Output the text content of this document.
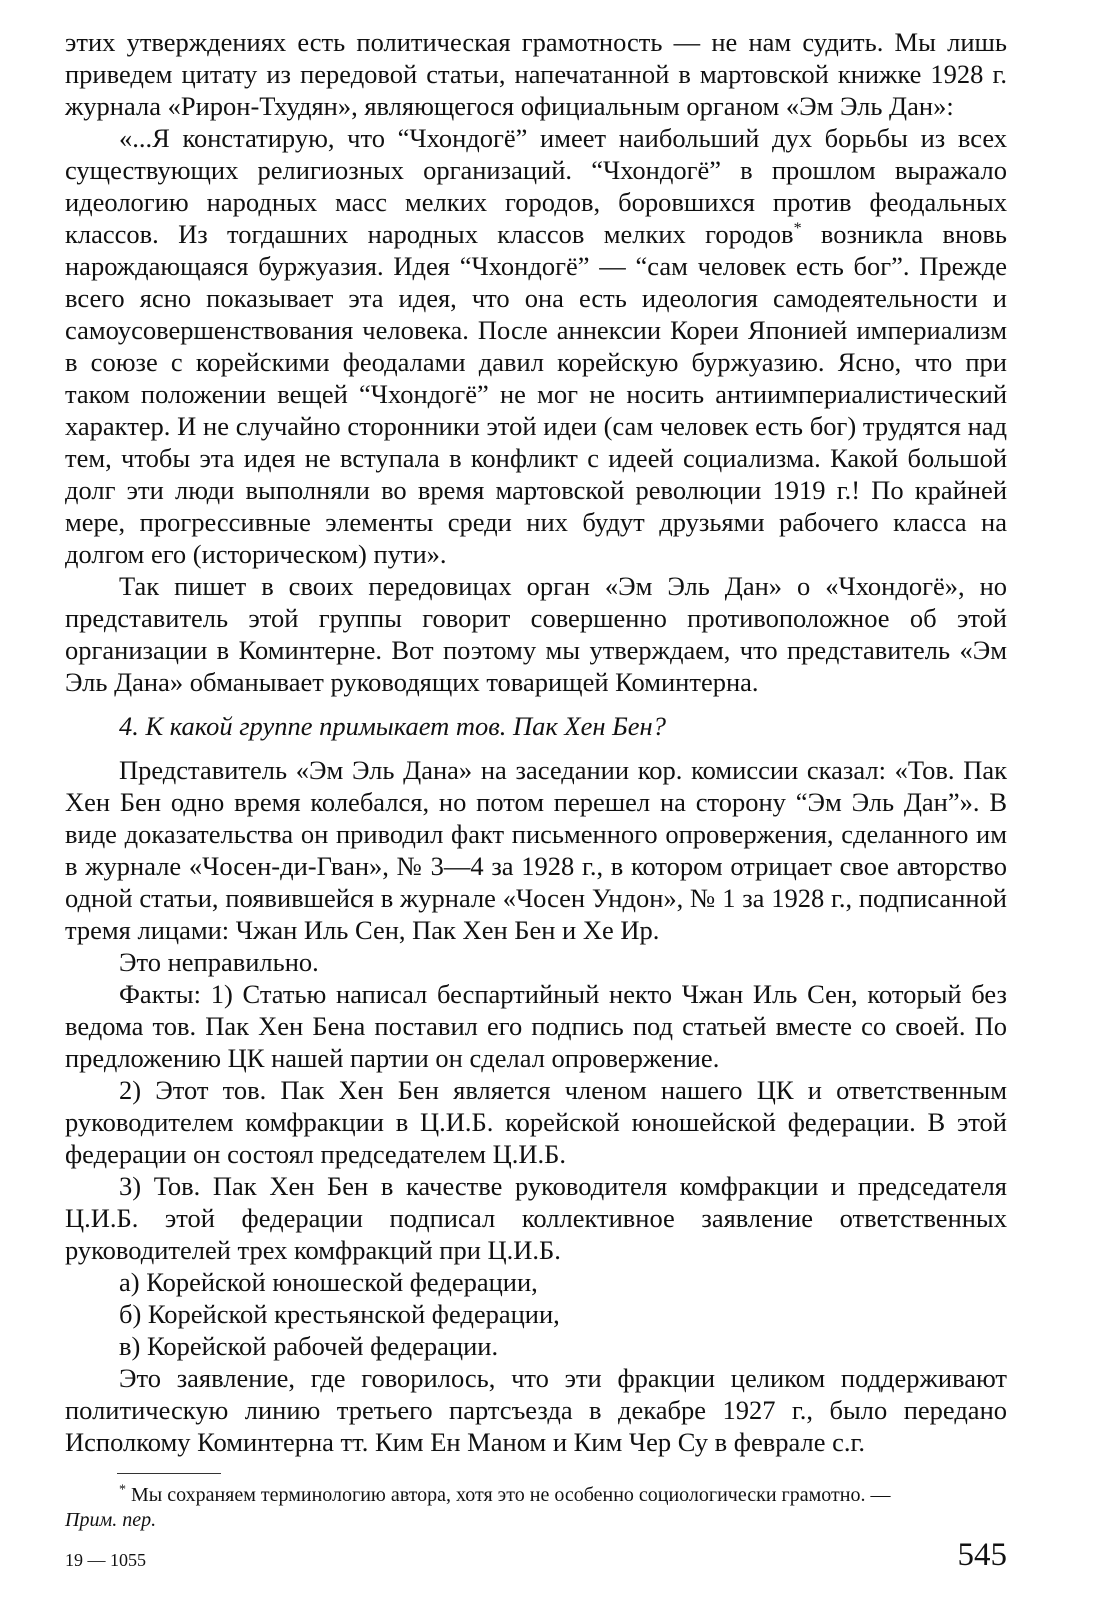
этих утверждениях есть политическая грамотность — не нам судить. Мы лишь приведем цитату из передовой статьи, напечатанной в мартовской книжке 1928 г. журнала «Рирон-Тхудян», являющегося официальным органом «Эм Эль Дан»:

«...Я констатирую, что “Чхондогё” имеет наибольший дух борьбы из всех существующих религиозных организаций. “Чхондогё” в прошлом выражало идеологию народных масс мелких городов, боровшихся против феодальных классов. Из тогдашних народных классов мелких городов* возникла вновь нарождающаяся буржуазия. Идея “Чхондогё” — “сам человек есть бог”. Прежде всего ясно показывает эта идея, что она есть идеология самодеятельности и самоусовершенствования человека. После аннексии Кореи Японией империализм в союзе с корейскими феодалами давил корейскую буржуазию. Ясно, что при таком положении вещей “Чхондогё” не мог не носить антиимпериалистический характер. И не случайно сторонники этой идеи (сам человек есть бог) трудятся над тем, чтобы эта идея не вступала в конфликт с идеей социализма. Какой большой долг эти люди выполняли во время мартовской революции 1919 г.! По крайней мере, прогрессивные элементы среди них будут друзьями рабочего класса на долгом его (историческом) пути».

Так пишет в своих передовицах орган «Эм Эль Дан» о «Чхондогё», но представитель этой группы говорит совершенно противоположное об этой организации в Коминтерне. Вот поэтому мы утверждаем, что представитель «Эм Эль Дана» обманывает руководящих товарищей Коминтерна.

4. К какой группе примыкает тов. Пак Хен Бен?

Представитель «Эм Эль Дана» на заседании кор. комиссии сказал: «Тов. Пак Хен Бен одно время колебался, но потом перешел на сторону “Эм Эль Дан”». В виде доказательства он приводил факт письменного опровержения, сделанного им в журнале «Чосен-ди-Гван», № 3—4 за 1928 г., в котором отрицает свое авторство одной статьи, появившейся в журнале «Чосен Ундон», № 1 за 1928 г., подписанной тремя лицами: Чжан Иль Сен, Пак Хен Бен и Хе Ир.

Это неправильно.

Факты: 1) Статью написал беспартийный некто Чжан Иль Сен, который без ведома тов. Пак Хен Бена поставил его подпись под статьей вместе со своей. По предложению ЦК нашей партии он сделал опровержение.

2) Этот тов. Пак Хен Бен является членом нашего ЦК и ответственным руководителем комфракции в Ц.И.Б. корейской юношейской федерации. В этой федерации он состоял председателем Ц.И.Б.

3) Тов. Пак Хен Бен в качестве руководителя комфракции и председателя Ц.И.Б. этой федерации подписал коллективное заявление ответственных руководителей трех комфракций при Ц.И.Б.

а) Корейской юношеской федерации,

б) Корейской крестьянской федерации,

в) Корейской рабочей федерации.

Это заявление, где говорилось, что эти фракции целиком поддерживают политическую линию третьего партсъезда в декабре 1927 г., было передано Исполкому Коминтерна тт. Ким Ен Маном и Ким Чер Су в феврале с.г.

* Мы сохраняем терминологию автора, хотя это не особенно социологически грамотно. —
Прим. пер.
19 — 1055	545
